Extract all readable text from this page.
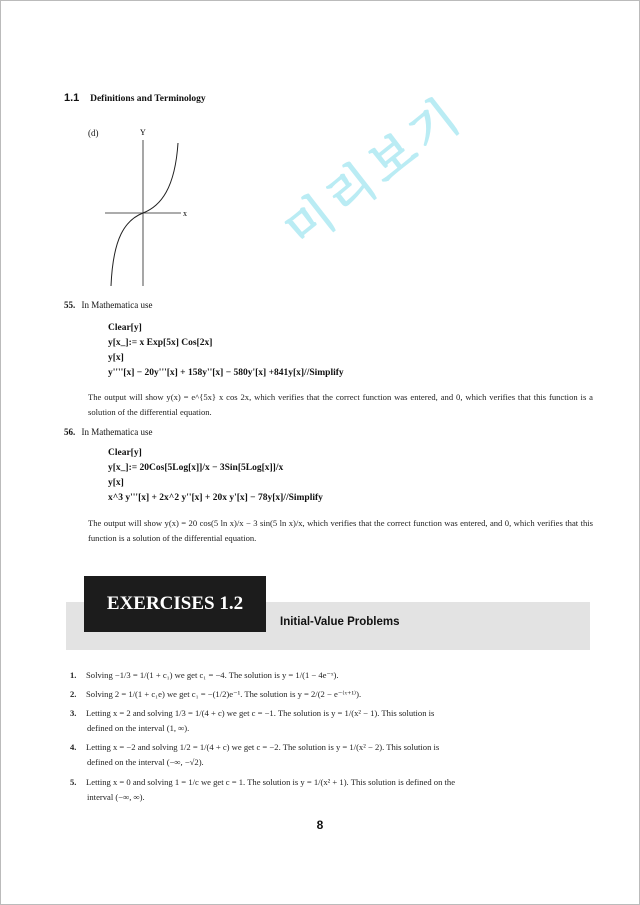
1.1 Definitions and Terminology
(d)	Y
x 미리보기
55. In Mathematica use
Clear[y]
y[x_]:= x Exp[5x] Cos[2x]
y[x]
y''''[x] − 20y'''[x] + 158y''[x] − 580y'[x] +841y[x]//Simplify
The output will show y(x) = e^{5x} x cos 2x, which verifies that the correct function was entered, and 0, which verifies that this function is a solution of the differential equation.
56. In Mathematica use
Clear[y]
y[x_]:= 20Cos[5Log[x]]/x − 3Sin[5Log[x]]/x
y[x]
x^3 y'''[x] + 2x^2 y''[x] + 20x y'[x] − 78y[x]//Simplify
The output will show y(x) = 20 cos(5 ln x)/x − 3 sin(5 ln x)/x, which verifies that the correct function was entered, and 0, which verifies that this function is a solution of the differential equation.
EXERCISES 1.2
Initial-Value Problems
1. Solving −1/3 = 1/(1 + c₁) we get c₁ = −4. The solution is y = 1/(1 − 4e⁻ˣ).
2. Solving 2 = 1/(1 + c₁e) we get c₁ = −(1/2)e⁻¹. The solution is y = 2/(2 − e⁻⁽ˣ⁺¹⁾).
3. Letting x = 2 and solving 1/3 = 1/(4 + c) we get c = −1. The solution is y = 1/(x² − 1). This solution is
defined on the interval (1, ∞).
4. Letting x = −2 and solving 1/2 = 1/(4 + c) we get c = −2. The solution is y = 1/(x² − 2). This solution is
defined on the interval (−∞, −√2).
5. Letting x = 0 and solving 1 = 1/c we get c = 1. The solution is y = 1/(x² + 1). This solution is defined on the
interval (−∞, ∞).
8
